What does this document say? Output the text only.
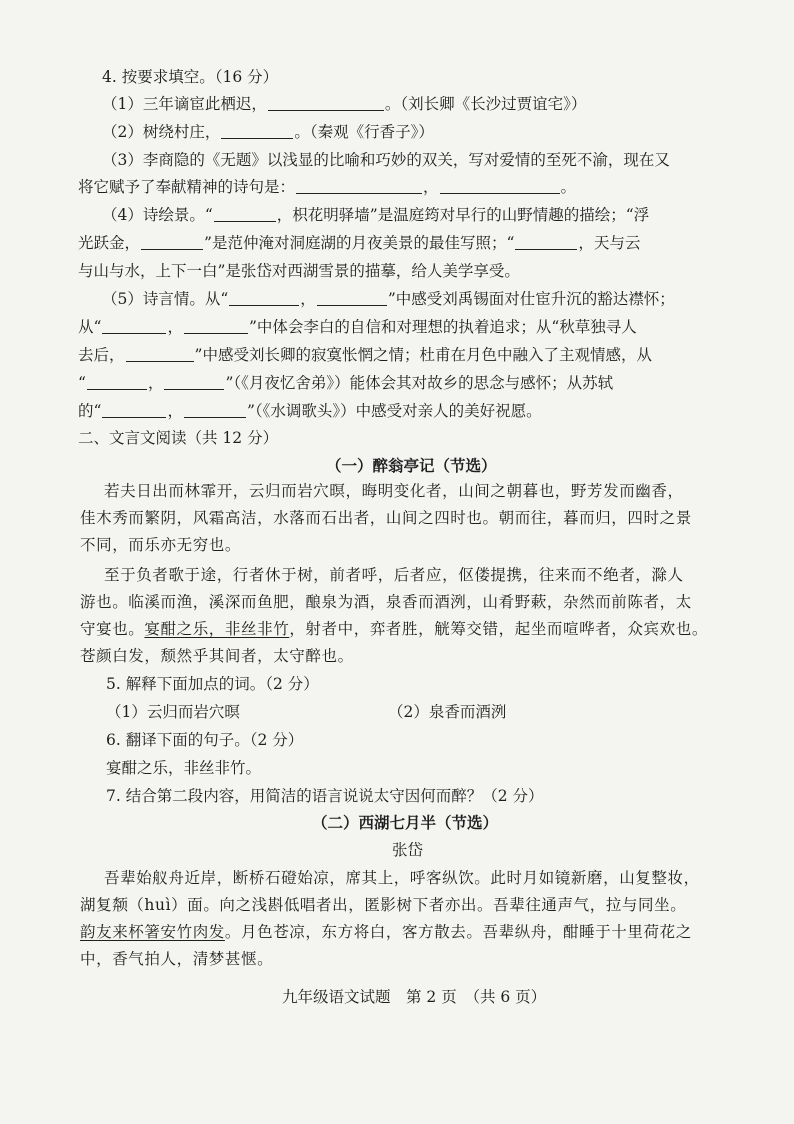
4. 按要求填空。（16 分）
（1）三年谪宦此栖迟，	。（刘长卿《长沙过贾谊宅》）
（2）树绕村庄，	。（秦观《行香子》）
（3）李商隐的《无题》以浅显的比喻和巧妙的双关，写对爱情的至死不渝，现在又
将它赋予了奉献精神的诗句是：	，	。
（4）诗绘景。“	，枳花明驿墙”是温庭筠对早行的山野情趣的描绘；“浮
光跃金，	”是范仲淹对洞庭湖的月夜美景的最佳写照；“	，天与云
与山与水，上下一白”是张岱对西湖雪景的描摹，给人美学享受。
（5）诗言情。从“	，	”中感受刘禹锡面对仕宦升沉的豁达襟怀；
从“	，	”中体会李白的自信和对理想的执着追求；从“秋草独寻人
去后，	”中感受刘长卿的寂寞怅惘之情；杜甫在月色中融入了主观情感，从
“	，	”（《月夜忆舍弟》）能体会其对故乡的思念与感怀；从苏轼
的“	，	”（《水调歌头》）中感受对亲人的美好祝愿。
二、文言文阅读（共 12 分）
（一）醉翁亭记（节选）
若夫日出而林霏开，云归而岩穴暝，晦明变化者，山间之朝暮也，野芳发而幽香，
佳木秀而繁阴，风霜高洁，水落而石出者，山间之四时也。朝而往，暮而归，四时之景
不同，而乐亦无穷也。
至于负者歌于途，行者休于树，前者呼，后者应，伛偻提携，往来而不绝者，滁人
游也。临溪而渔，溪深而鱼肥，酿泉为酒，泉香而酒洌，山肴野蔌，杂然而前陈者，太
守宴也。宴酣之乐，非丝非竹，射者中，弈者胜，觥筹交错，起坐而喧哗者，众宾欢也。
苍颜白发，颓然乎其间者，太守醉也。
5. 解释下面加点的词。（2 分）
（1）云归而岩穴暝	（2）泉香而酒洌
6. 翻译下面的句子。（2 分）
宴酣之乐，非丝非竹。
7. 结合第二段内容，用简洁的语言说说太守因何而醉？（2 分）
（二）西湖七月半（节选）
张岱
吾辈始舣舟近岸，断桥石磴始凉，席其上，呼客纵饮。此时月如镜新磨，山复整妆，
湖复颒（huì）面。向之浅斟低唱者出，匿影树下者亦出。吾辈往通声气，拉与同坐。
韵友来杯箸安竹肉发。月色苍凉，东方将白，客方散去。吾辈纵舟，酣睡于十里荷花之
中，香气拍人，清梦甚惬。
九年级语文试题　第 2 页　（共 6 页）
